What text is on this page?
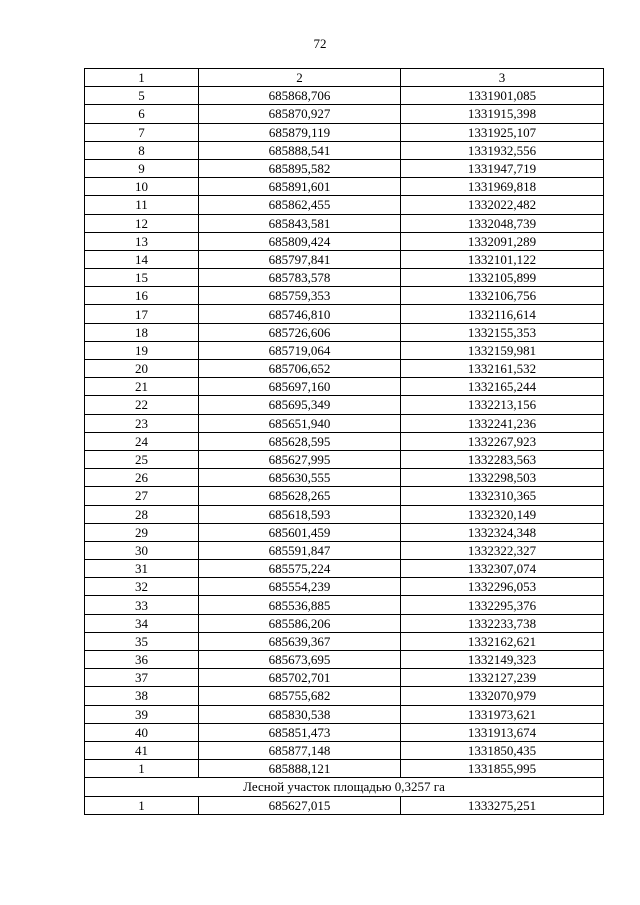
72
1	2	3
5	685868,706	1331901,085
6	685870,927	1331915,398
7	685879,119	1331925,107
8	685888,541	1331932,556
9	685895,582	1331947,719
10	685891,601	1331969,818
11	685862,455	1332022,482
12	685843,581	1332048,739
13	685809,424	1332091,289
14	685797,841	1332101,122
15	685783,578	1332105,899
16	685759,353	1332106,756
17	685746,810	1332116,614
18	685726,606	1332155,353
19	685719,064	1332159,981
20	685706,652	1332161,532
21	685697,160	1332165,244
22	685695,349	1332213,156
23	685651,940	1332241,236
24	685628,595	1332267,923
25	685627,995	1332283,563
26	685630,555	1332298,503
27	685628,265	1332310,365
28	685618,593	1332320,149
29	685601,459	1332324,348
30	685591,847	1332322,327
31	685575,224	1332307,074
32	685554,239	1332296,053
33	685536,885	1332295,376
34	685586,206	1332233,738
35	685639,367	1332162,621
36	685673,695	1332149,323
37	685702,701	1332127,239
38	685755,682	1332070,979
39	685830,538	1331973,621
40	685851,473	1331913,674
41	685877,148	1331850,435
1	685888,121	1331855,995
Лесной участок площадью 0,3257 га		
1	685627,015	1333275,251
